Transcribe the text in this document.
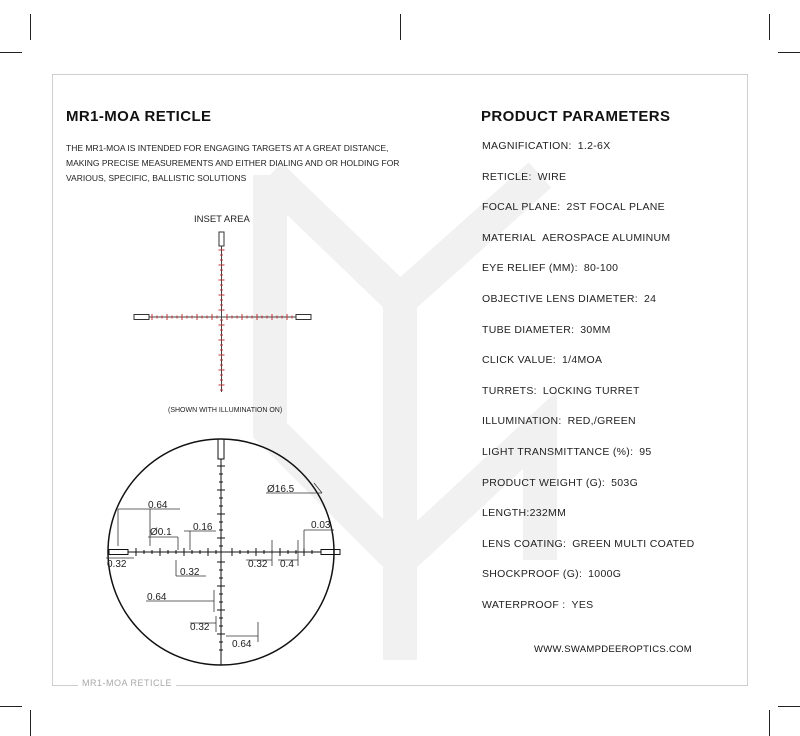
Ø16.5
0.64
Ø0.1 0.16	0.03
0.32
0.32
0.32 0.4
0.64
0.32
0.64
MR1-MOA RETICLE
THE MR1-MOA IS INTENDED FOR ENGAGING TARGETS AT A GREAT DISTANCE, MAKING PRECISE MEASUREMENTS AND EITHER DIALING AND OR HOLDING FOR VARIOUS, SPECIFIC, BALLISTIC SOLUTIONS
INSET AREA
(SHOWN WITH ILLUMINATION ON)
MR1-MOA RETICLE
PRODUCT PARAMETERS
MAGNIFICATION: 1.2-6X
RETICLE: WIRE
FOCAL PLANE: 2ST FOCAL PLANE
MATERIAL AEROSPACE ALUMINUM
EYE RELIEF (MM): 80-100
OBJECTIVE LENS DIAMETER: 24
TUBE DIAMETER: 30MM
CLICK VALUE: 1/4MOA
TURRETS: LOCKING TURRET
ILLUMINATION: RED,/GREEN
LIGHT TRANSMITTANCE (%): 95
PRODUCT WEIGHT (G): 503G
LENGTH:232MM
LENS COATING: GREEN MULTI COATED
SHOCKPROOF (G): 1000G
WATERPROOF : YES
WWW.SWAMPDEEROPTICS.COM
